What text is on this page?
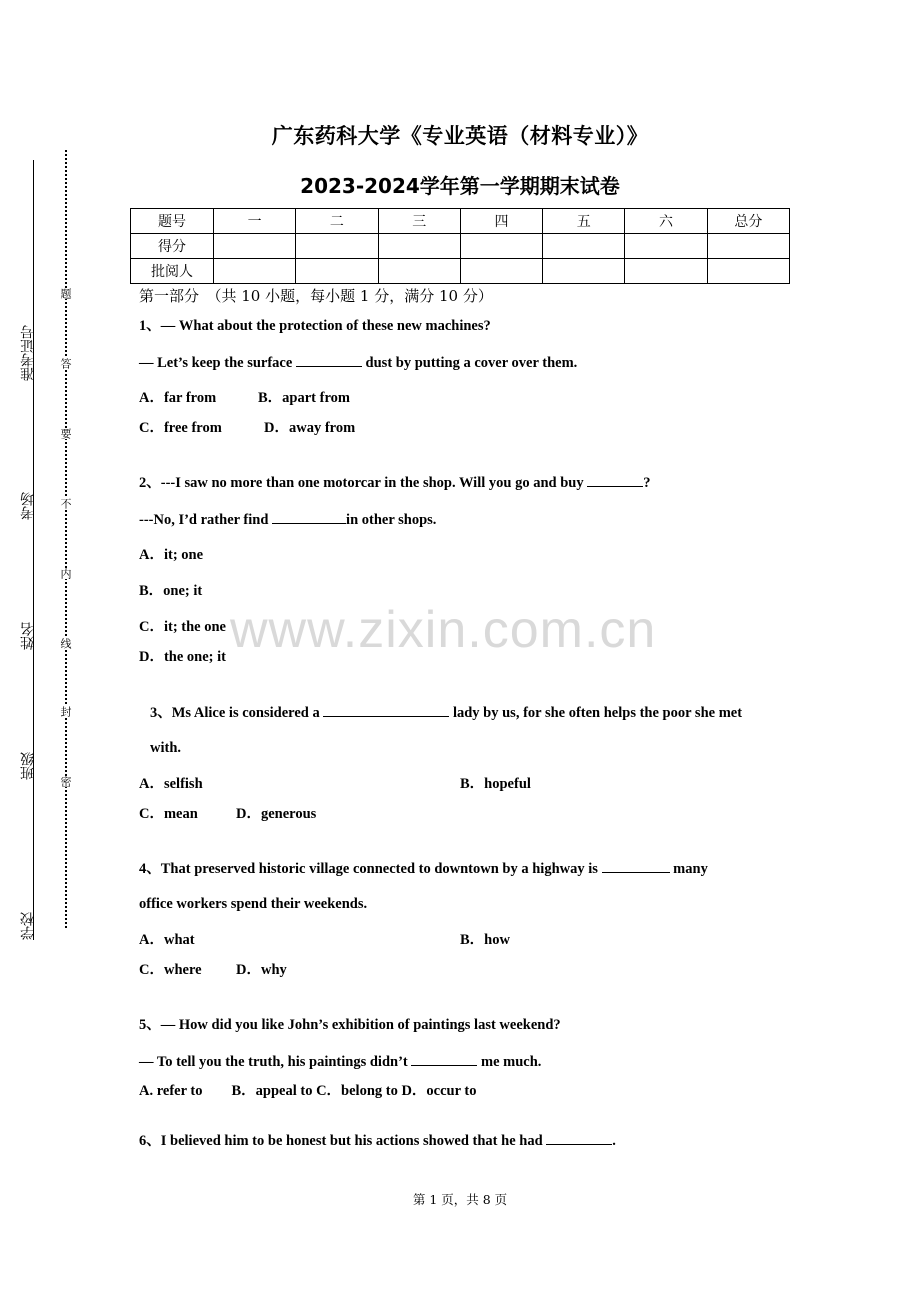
准考证号
考场
姓名
班级
学校
题
答
要
不
内
线
封
密
广东药科大学《专业英语（材料专业）》
2023-2024学年第一学期期末试卷
题号	一	二	三	四	五	六	总分
得分							
批阅人							
第一部分　（共 10 小题，每小题 1 分，满分 10 分）
1、— What about the protection of these new machines?
— Let’s keep the surface	dust by putting a cover over them.
A．far from	B．apart from
C．free from	D．away from
2、---I saw no more than one motorcar in the shop. Will you go and buy	?
---No, I’d rather find	in other shops.
A．it; one
B．one; it
C．it; the one
D．the one; it www.zixin.com.cn
3、Ms Alice is considered a	lady by us, for she often helps the poor she met
with.
A．selfish	B．hopeful
C．mean	D．generous
4、That preserved historic village connected to downtown by a highway is	many
office workers spend their weekends.
A．what	B．how
C．where D．why
5、— How did you like John’s exhibition of paintings last weekend?
— To tell you the truth, his paintings didn’t	me much.
A. refer to　　B．appeal to C．belong to D．occur to
6、I believed him to be honest but his actions showed that he had	.
第 1 页，共 8 页
